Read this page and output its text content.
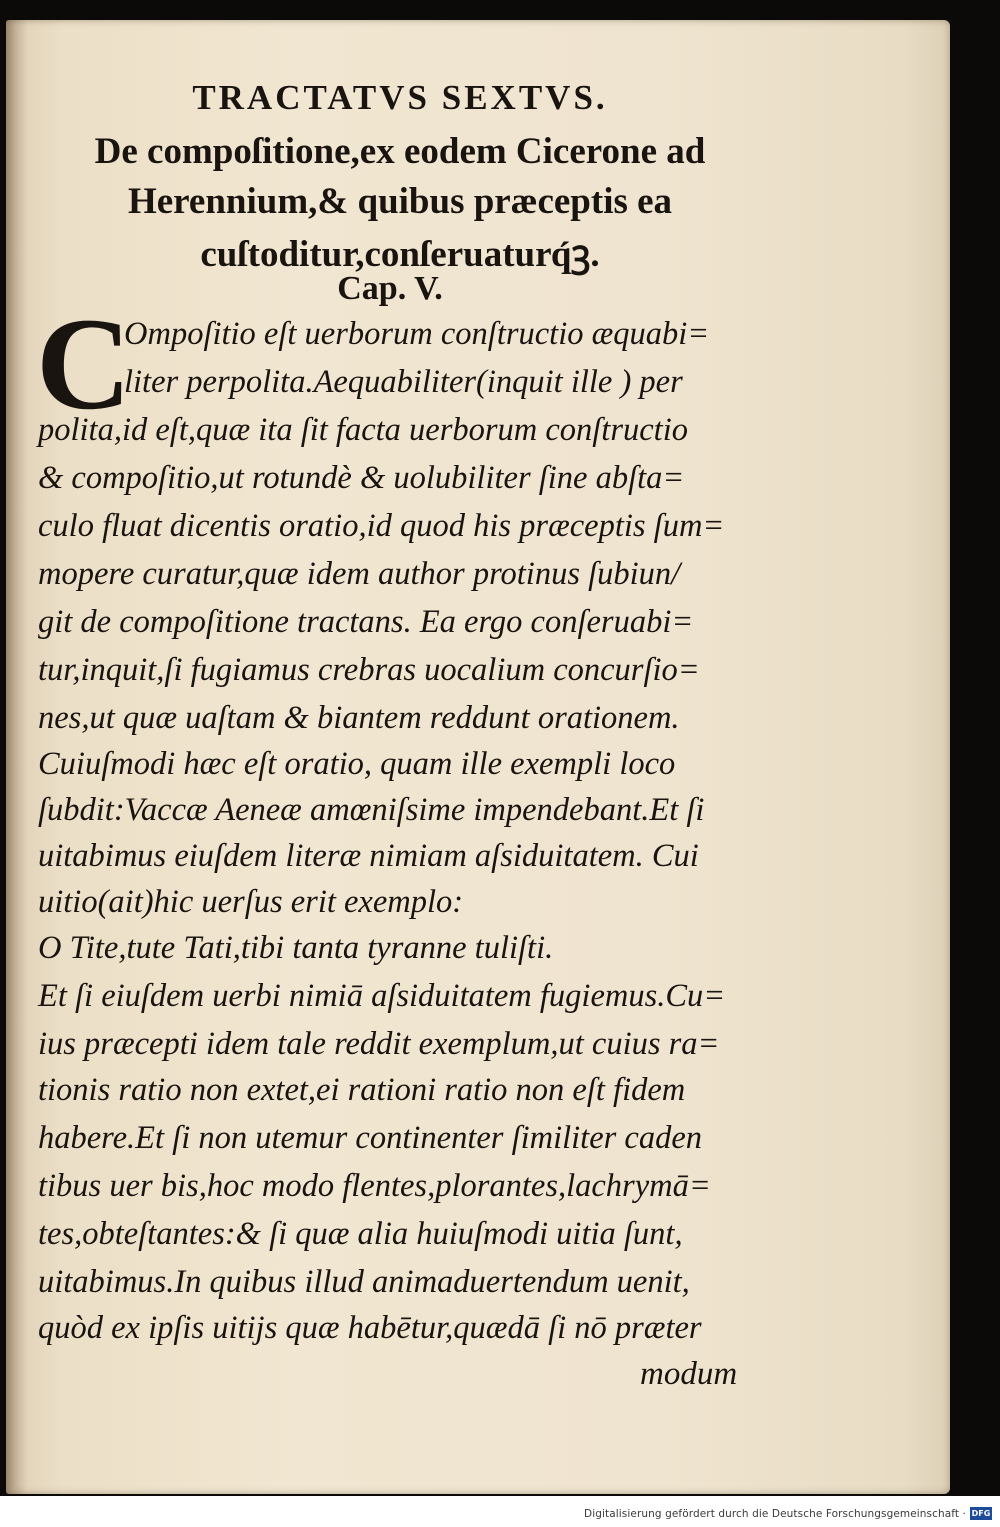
TRACTATVS SEXTVS.
De compoſitione,ex eodem Cicerone ad
Herennium,& quibus præceptis ea
cuſtoditur,conſeruaturq́ꝫ.
Cap. V.
C
Ompoſitio eſt uerborum conſtructio æquabi=
liter perpolita.Aequabiliter(inquit ille ) per
polita,id eſt,quæ ita ſit facta uerborum conſtructio
& compoſitio,ut rotundè & uolubiliter ſine abſta=
culo fluat dicentis oratio,id quod his præceptis ſum=
mopere curatur,quæ idem author protinus ſubiun/
git de compoſitione tractans. Ea ergo conſeruabi=
tur,inquit,ſi fugiamus crebras uocalium concurſio=
nes,ut quæ uaſtam & biantem reddunt orationem.
Cuiuſmodi hæc eſt oratio, quam ille exempli loco
ſubdit:Vaccæ Aeneæ amœniſsime impendebant.Et ſi
uitabimus eiuſdem literæ nimiam aſsiduitatem. Cui
uitio(ait)hic uerſus erit exemplo:
O Tite,tute Tati,tibi tanta tyranne tuliſti.
Et ſi eiuſdem uerbi nimiā aſsiduitatem fugiemus.Cu=
ius præcepti idem tale reddit exemplum,ut cuius ra=
tionis ratio non extet,ei rationi ratio non eſt fidem
habere.Et ſi non utemur continenter ſimiliter caden
tibus uer bis,hoc modo flentes,plorantes,lachrymā=
tes,obteſtantes:& ſi quæ alia huiuſmodi uitia ſunt,
uitabimus.In quibus illud animaduertendum uenit,
quòd ex ipſis uitijs quæ habētur,quædā ſi nō præter
modum
Digitalisierung gefördert durch die Deutsche Forschungsgemeinschaft · DFG
